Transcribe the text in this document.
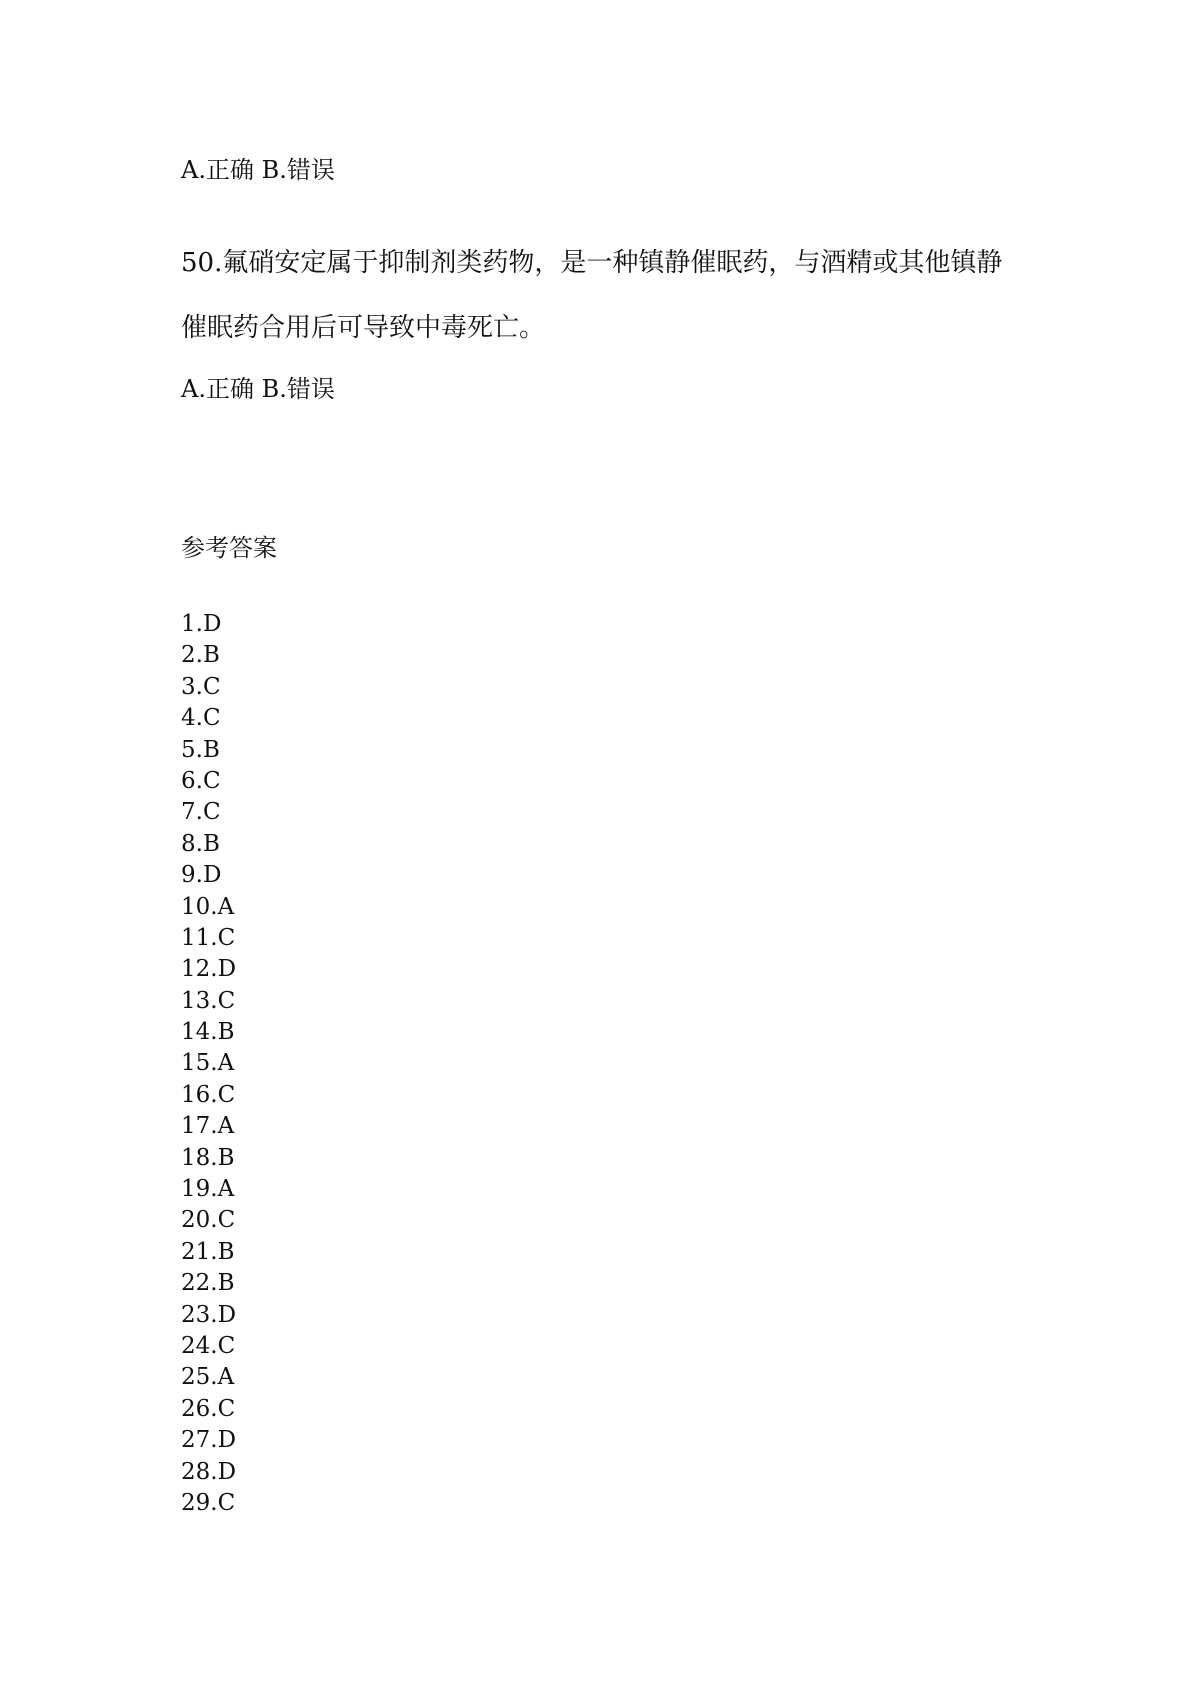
A.正确 B.错误
50.氟硝安定属于抑制剂类药物，是一种镇静催眠药，与酒精或其他镇静
催眠药合用后可导致中毒死亡。
A.正确 B.错误
参考答案
1.D
2.B
3.C
4.C
5.B
6.C
7.C
8.B
9.D
10.A
11.C
12.D
13.C
14.B
15.A
16.C
17.A
18.B
19.A
20.C
21.B
22.B
23.D
24.C
25.A
26.C
27.D
28.D
29.C
